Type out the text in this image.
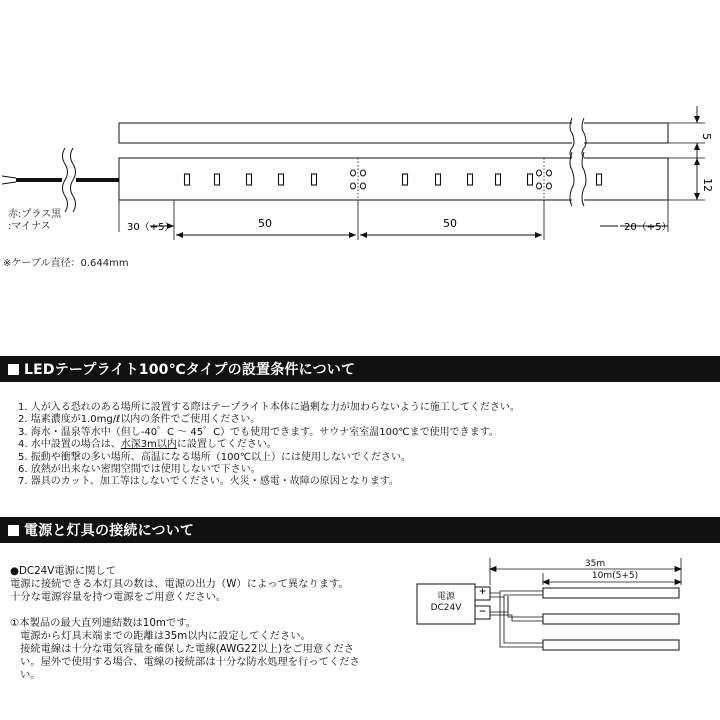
5
12
30（+5）	50	50	20（+5）
赤:プラス黒
:マイナス
※ケーブル直径：0.644mm
LEDテープライト100℃タイプの設置条件について
1. 人が入る恐れのある場所に設置する際はテープライト本体に過剰な力が加わらないように施工してください。
2. 塩素濃度が1.0mg/ℓ以内の条件でご使用ください。
3. 海水・温泉等水中（但し-40゜C ～ 45゜C）でも使用できます。サウナ室室温100℃まで使用できます。
4. 水中設置の場合は、水深3m以内に設置してください。
5. 振動や衝撃の多い場所、高温になる場所（100℃以上）には使用しないでください。
6. 放熱が出来ない密閉空間では使用しないで下さい。
7. 器具のカット、加工等はしないでください。火災・感電・故障の原因となります。
電源と灯具の接続について
●DC24V電源に関して
電源に接続できる本灯具の数は、電源の出力（W）によって異なります。
十分な電源容量を持つ電源をご用意ください。
①本製品の最大直列連結数は10mです。
電源から灯具末端までの距離は35m以内に設定してください。
接続電線は十分な電気容量を確保した電線(AWG22以上)をご用意くださ
い。屋外で使用する場合、電線の接続部は十分な防水処理を行ってくださ
い。
35m
10m(5+5)
電源
DC24V
+
−
